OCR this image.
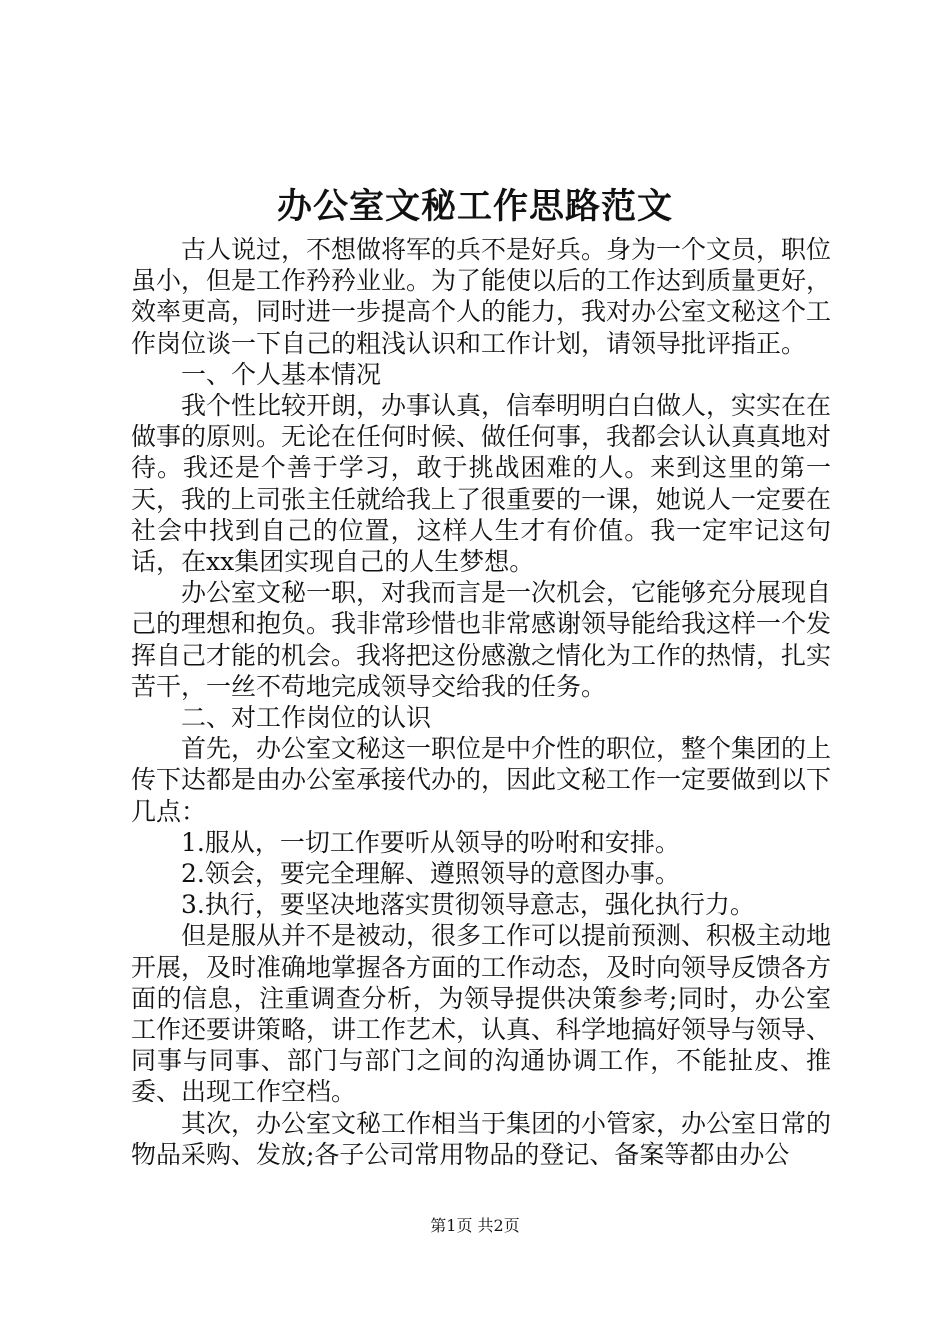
办公室文秘工作思路范文

古人说过，不想做将军的兵不是好兵。身为一个文员，职位虽小，但是工作矜矜业业。为了能使以后的工作达到质量更好，效率更高，同时进一步提高个人的能力，我对办公室文秘这个工作岗位谈一下自己的粗浅认识和工作计划，请领导批评指正。

一、个人基本情况

我个性比较开朗，办事认真，信奉明明白白做人，实实在在做事的原则。无论在任何时候、做任何事，我都会认认真真地对待。我还是个善于学习，敢于挑战困难的人。来到这里的第一天，我的上司张主任就给我上了很重要的一课，她说人一定要在社会中找到自己的位置，这样人生才有价值。我一定牢记这句话，在xx集团实现自己的人生梦想。

办公室文秘一职，对我而言是一次机会，它能够充分展现自己的理想和抱负。我非常珍惜也非常感谢领导能给我这样一个发挥自己才能的机会。我将把这份感激之情化为工作的热情，扎实苦干，一丝不苟地完成领导交给我的任务。

二、对工作岗位的认识

首先，办公室文秘这一职位是中介性的职位，整个集团的上传下达都是由办公室承接代办的，因此文秘工作一定要做到以下几点：

1.服从，一切工作要听从领导的吩咐和安排。

2.领会，要完全理解、遵照领导的意图办事。

3.执行，要坚决地落实贯彻领导意志，强化执行力。

但是服从并不是被动，很多工作可以提前预测、积极主动地开展，及时准确地掌握各方面的工作动态，及时向领导反馈各方面的信息，注重调查分析，为领导提供决策参考;同时，办公室工作还要讲策略，讲工作艺术，认真、科学地搞好领导与领导、同事与同事、部门与部门之间的沟通协调工作，不能扯皮、推委、出现工作空档。

其次，办公室文秘工作相当于集团的小管家，办公室日常的物品采购、发放;各子公司常用物品的登记、备案等都由办公

第1页 共2页
